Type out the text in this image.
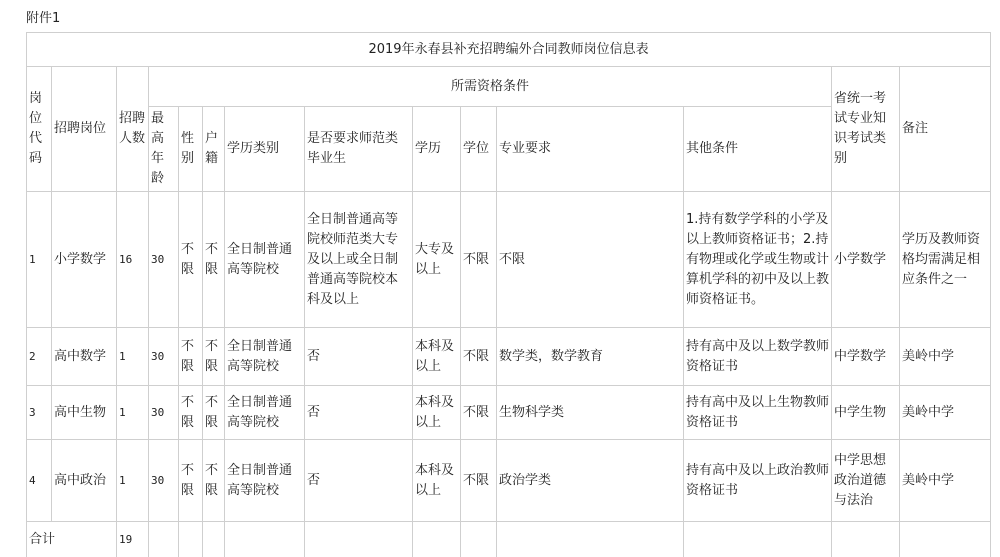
附件1
2019年永春县补充招聘编外合同教师岗位信息表													
岗位代码	招聘岗位	招聘人数	所需资格条件									省统一考试专业知识考试类别	备注
			最高年龄	性别	户籍	学历类别	是否要求师范类毕业生	学历	学位	专业要求	其他条件		
1	小学数学	16	30	不限	不限	全日制普通高等院校	全日制普通高等院校师范类大专及以上或全日制普通高等院校本科及以上	大专及以上	不限	不限	1.持有数学学科的小学及以上教师资格证书；2.持有物理或化学或生物或计算机学科的初中及以上教师资格证书。	小学数学	学历及教师资格均需满足相应条件之一
2	高中数学	1	30	不限	不限	全日制普通高等院校	否	本科及以上	不限	数学类，数学教育	持有高中及以上数学教师资格证书	中学数学	美岭中学
3	高中生物	1	30	不限	不限	全日制普通高等院校	否	本科及以上	不限	生物科学类	持有高中及以上生物教师资格证书	中学生物	美岭中学
4	高中政治	1	30	不限	不限	全日制普通高等院校	否	本科及以上	不限	政治学类	持有高中及以上政治教师资格证书	中学思想政治道德与法治	美岭中学
合计		19											
